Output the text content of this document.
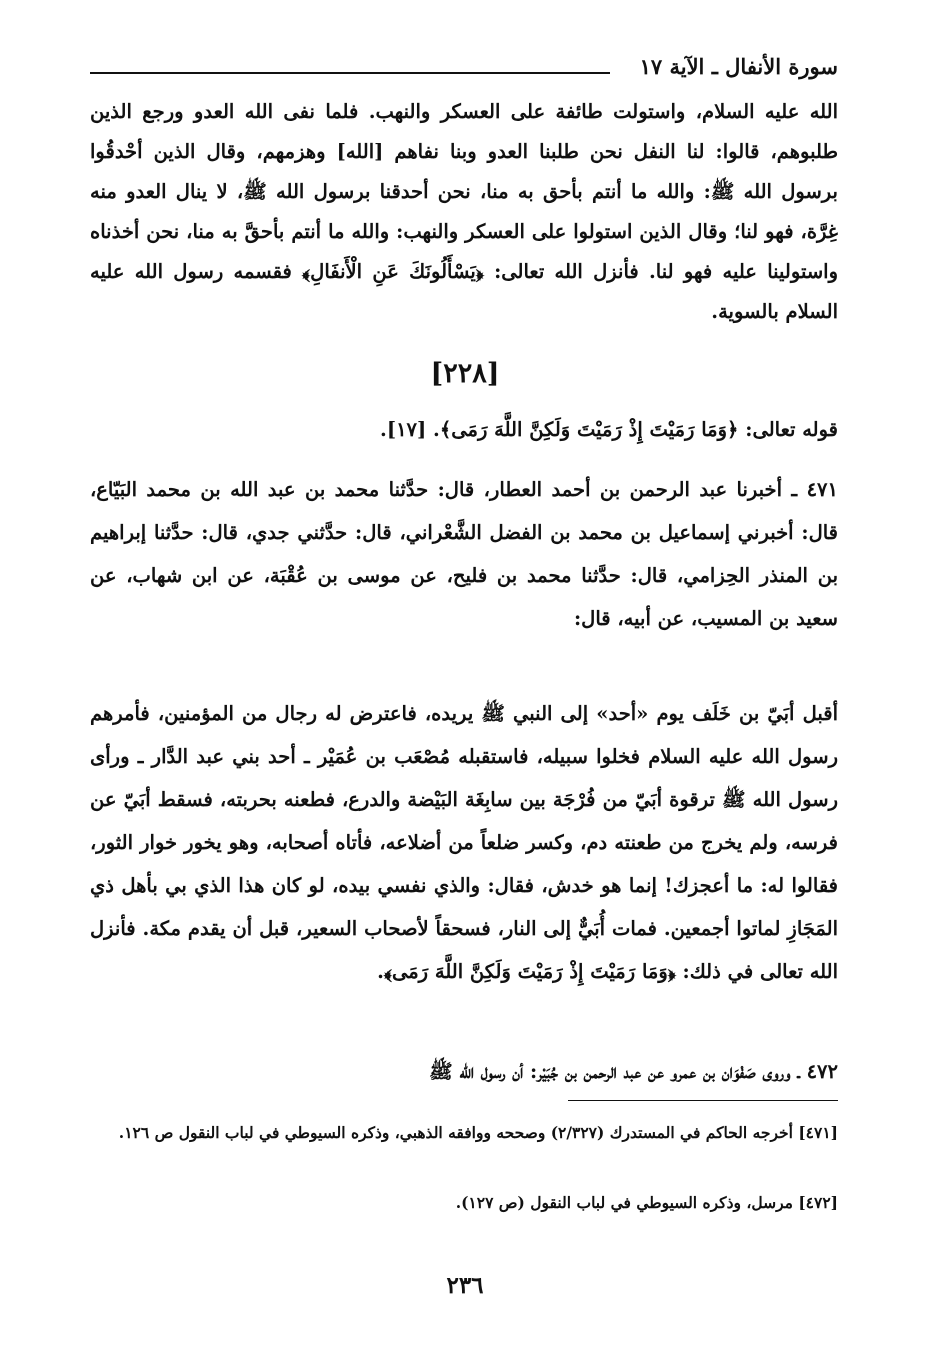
سورة الأنفال ـ الآية ١٧
الله عليه السلام، واستولت طائفة على العسكر والنهب. فلما نفى الله العدو ورجع الذين طلبوهم، قالوا: لنا النفل نحن طلبنا العدو وبنا نفاهم [الله] وهزمهم، وقال الذين أحْدقُوا برسول الله ﷺ: والله ما أنتم بأحق به منا، نحن أحدقنا برسول الله ﷺ، لا ينال العدو منه غِرَّة، فهو لنا؛ وقال الذين استولوا على العسكر والنهب: والله ما أنتم بأحقَّ به منا، نحن أخذناه واستولينا عليه فهو لنا. فأنزل الله تعالى: ﴿يَسْأَلُونَكَ عَنِ الْأَنفَالِ﴾ فقسمه رسول الله عليه السلام بالسوية.
[٢٢٨]
قوله تعالى: ﴿وَمَا رَمَيْتَ إِذْ رَمَيْتَ وَلَكِنَّ اللَّهَ رَمَى﴾. [١٧].
٤٧١ ـ أخبرنا عبد الرحمن بن أحمد العطار، قال: حدَّثنا محمد بن عبد الله بن محمد البَيّاع، قال: أخبرني إسماعيل بن محمد بن الفضل الشَّعْراني، قال: حدَّثني جدي، قال: حدَّثنا إبراهيم بن المنذر الحِزامي، قال: حدَّثنا محمد بن فليح، عن موسى بن عُقْبَة، عن ابن شهاب، عن سعيد بن المسيب، عن أبيه، قال:
أقبل أبَيّ بن خَلَف يوم «أحد» إلى النبي ﷺ يريده، فاعترض له رجال من المؤمنين، فأمرهم رسول الله عليه السلام فخلوا سبيله، فاستقبله مُصْعَب بن عُمَيْر ـ أحد بني عبد الدَّار ـ ورأى رسول الله ﷺ ترقوة أبَيّ من فُرْجَة بين سابِغَة البَيْضة والدرع، فطعنه بحربته، فسقط أبَيّ عن فرسه، ولم يخرج من طعنته دم، وكسر ضلعاً من أضلاعه، فأتاه أصحابه، وهو يخور خوار الثور، فقالوا له: ما أعجزك! إنما هو خدش، فقال: والذي نفسي بيده، لو كان هذا الذي بي بأهل ذي المَجَازِ لماتوا أجمعين. فمات أُبَيٌّ إلى النار، فسحقاً لأصحاب السعير، قبل أن يقدم مكة. فأنزل الله تعالى في ذلك: ﴿وَمَا رَمَيْتَ إِذْ رَمَيْتَ وَلَكِنَّ اللَّهَ رَمَى﴾.
٤٧٢ ـ وروى صَفْوَان بن عمرو عن عبد الرحمن بن جُبَيْر: أن رسول الله ﷺ
[٤٧١] أخرجه الحاكم في المستدرك (٢/٣٢٧) وصححه ووافقه الذهبي، وذكره السيوطي في لباب النقول ص ١٢٦.
[٤٧٢] مرسل، وذكره السيوطي في لباب النقول (ص ١٢٧).
٢٣٦
